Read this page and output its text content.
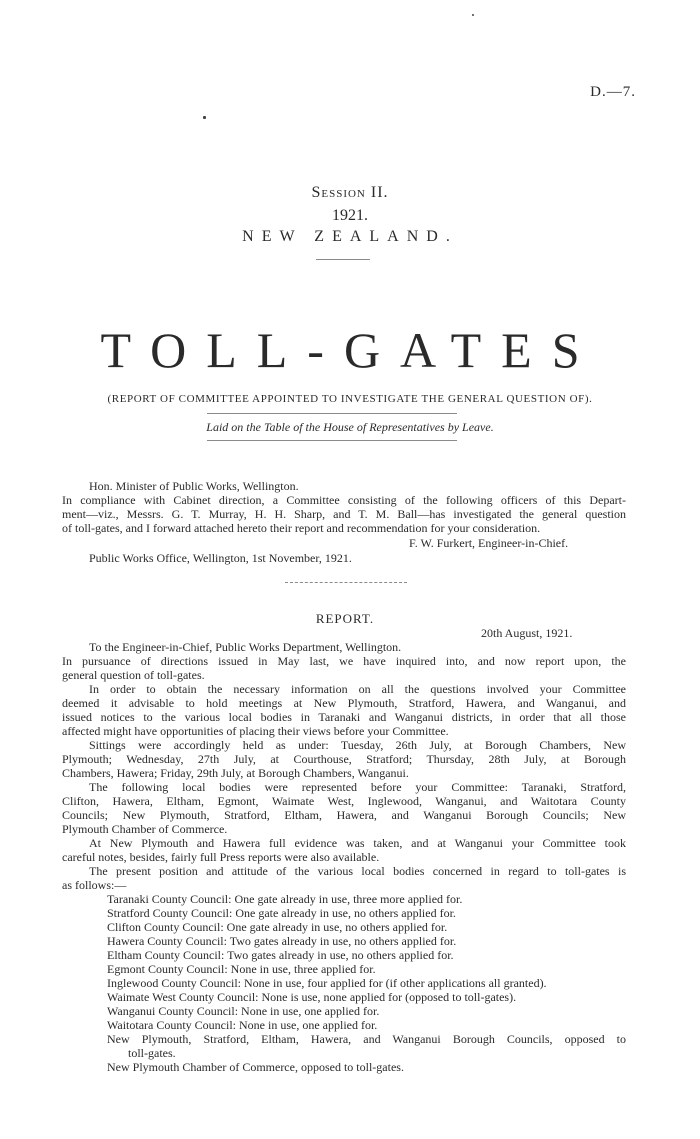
D.—7.
Session II.
1921.
NEW ZEALAND.
TOLL-GATES
(REPORT OF COMMITTEE APPOINTED TO INVESTIGATE THE GENERAL QUESTION OF).
Laid on the Table of the House of Representatives by Leave.
Hon. Minister of Public Works, Wellington.
In compliance with Cabinet direction, a Committee consisting of the following officers of this Depart-
ment—viz., Messrs. G. T. Murray, H. H. Sharp, and T. M. Ball—has investigated the general question
of toll-gates, and I forward attached hereto their report and recommendation for your consideration.
F. W. Furkert, Engineer-in-Chief.
Public Works Office, Wellington, 1st November, 1921.
REPORT.
20th August, 1921.
To the Engineer-in-Chief, Public Works Department, Wellington.
In pursuance of directions issued in May last, we have inquired into, and now report upon, the
general question of toll-gates.
In order to obtain the necessary information on all the questions involved your Committee
deemed it advisable to hold meetings at New Plymouth, Stratford, Hawera, and Wanganui, and
issued notices to the various local bodies in Taranaki and Wanganui districts, in order that all those
affected might have opportunities of placing their views before your Committee.
Sittings were accordingly held as under: Tuesday, 26th July, at Borough Chambers, New
Plymouth; Wednesday, 27th July, at Courthouse, Stratford; Thursday, 28th July, at Borough
Chambers, Hawera; Friday, 29th July, at Borough Chambers, Wanganui.
The following local bodies were represented before your Committee: Taranaki, Stratford,
Clifton, Hawera, Eltham, Egmont, Waimate West, Inglewood, Wanganui, and Waitotara County
Councils; New Plymouth, Stratford, Eltham, Hawera, and Wanganui Borough Councils; New
Plymouth Chamber of Commerce.
At New Plymouth and Hawera full evidence was taken, and at Wanganui your Committee took
careful notes, besides, fairly full Press reports were also available.
The present position and attitude of the various local bodies concerned in regard to toll-gates is
as follows:—
Taranaki County Council: One gate already in use, three more applied for.
Stratford County Council: One gate already in use, no others applied for.
Clifton County Council: One gate already in use, no others applied for.
Hawera County Council: Two gates already in use, no others applied for.
Eltham County Council: Two gates already in use, no others applied for.
Egmont County Council: None in use, three applied for.
Inglewood County Council: None in use, four applied for (if other applications all granted).
Waimate West County Council: None is use, none applied for (opposed to toll-gates).
Wanganui County Council: None in use, one applied for.
Waitotara County Council: None in use, one applied for.
New Plymouth, Stratford, Eltham, Hawera, and Wanganui Borough Councils, opposed to
toll-gates.
New Plymouth Chamber of Commerce, opposed to toll-gates.
